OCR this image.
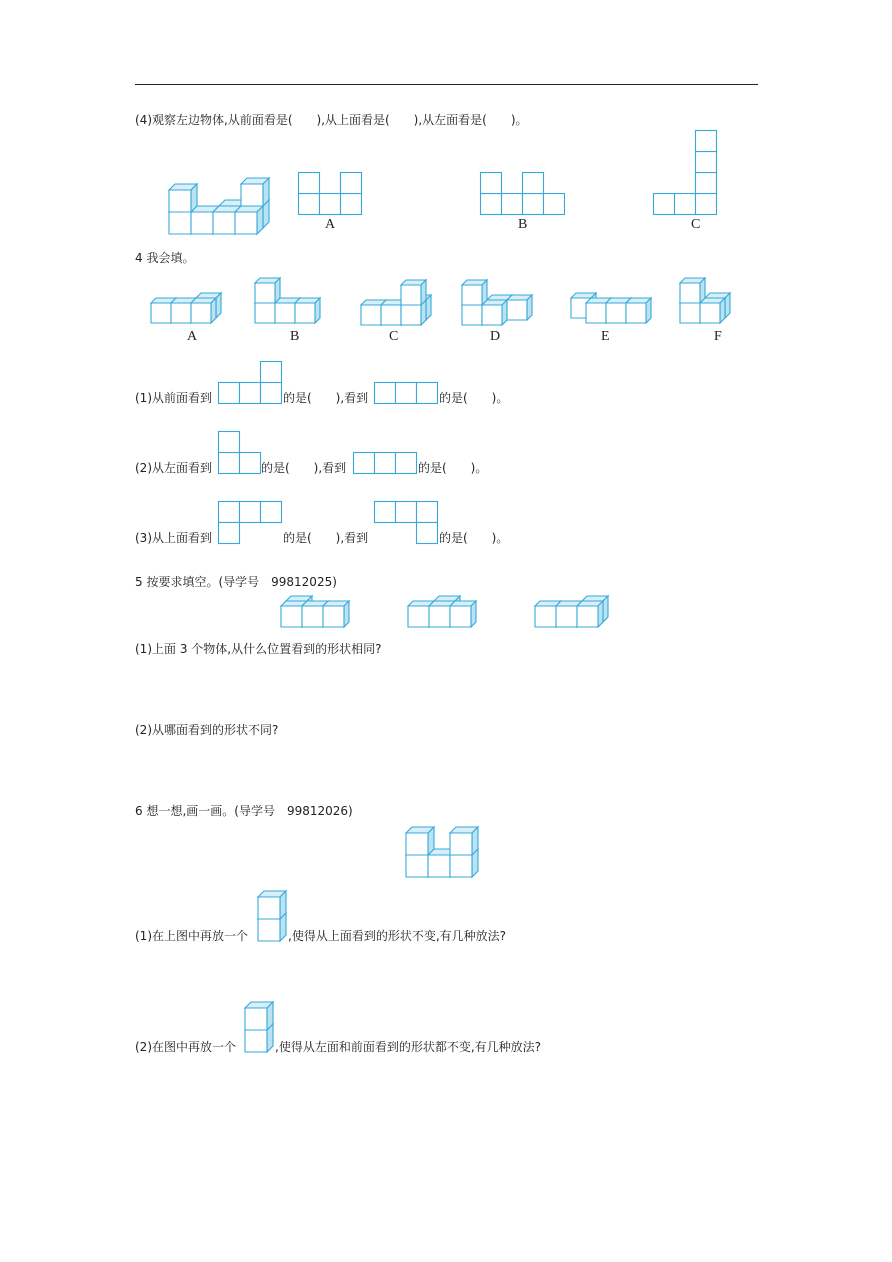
(4)观察左边物体,从前面看是(　　),从上面看是(　　),从左面看是(　　)。
A	B	C
4 我会填。
A	B	C	D	E	F
(1)从前面看到	的是(　　),看到	的是(　　)。
(2)从左面看到	的是(　　),看到	的是(　　)。
(3)从上面看到	的是(　　),看到	的是(　　)。
5 按要求填空。(导学号　99812025)
(1)上面 3 个物体,从什么位置看到的形状相同?
(2)从哪面看到的形状不同?
6 想一想,画一画。(导学号　99812026)
(1)在上图中再放一个	,使得从上面看到的形状不变,有几种放法?
(2)在图中再放一个	,使得从左面和前面看到的形状都不变,有几种放法?
